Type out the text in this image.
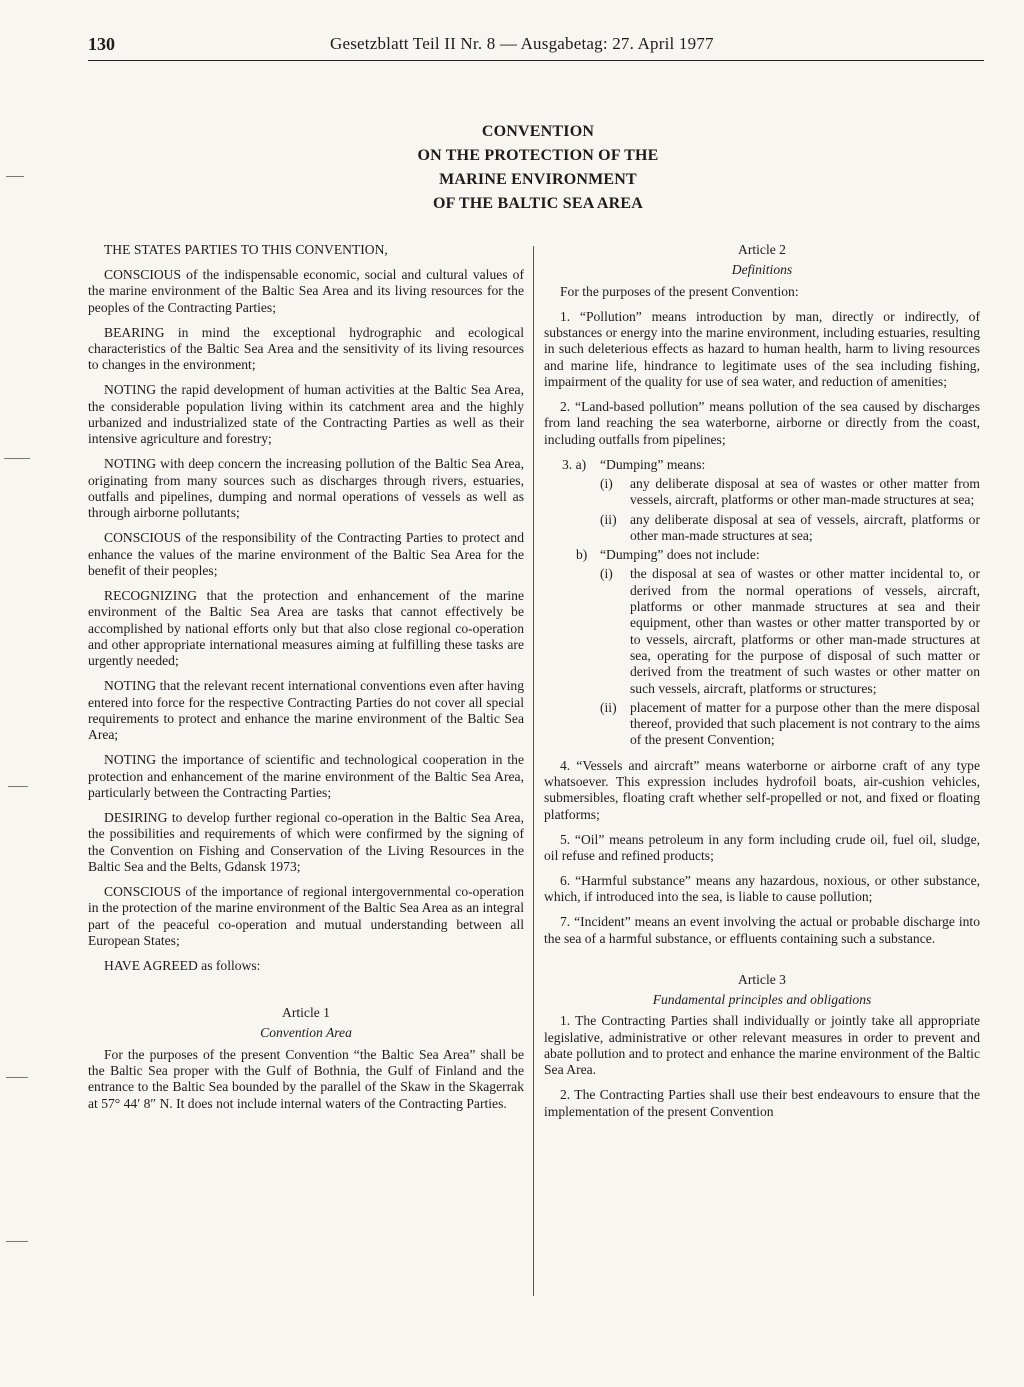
130	Gesetzblatt Teil II Nr. 8 — Ausgabetag: 27. April 1977
CONVENTION
ON THE PROTECTION OF THE
MARINE ENVIRONMENT
OF THE BALTIC SEA AREA

THE STATES PARTIES TO THIS CONVENTION,

CONSCIOUS of the indispensable economic, social and cultural values of the marine environment of the Baltic Sea Area and its living resources for the peoples of the Contracting Parties;

BEARING in mind the exceptional hydrographic and ecological characteristics of the Baltic Sea Area and the sensitivity of its living resources to changes in the environment;

NOTING the rapid development of human activities at the Baltic Sea Area, the considerable population living within its catchment area and the highly urbanized and industrialized state of the Contracting Parties as well as their intensive agriculture and forestry;

NOTING with deep concern the increasing pollution of the Baltic Sea Area, originating from many sources such as discharges through rivers, estuaries, outfalls and pipelines, dumping and normal operations of vessels as well as through airborne pollutants;

CONSCIOUS of the responsibility of the Contracting Parties to protect and enhance the values of the marine environment of the Baltic Sea Area for the benefit of their peoples;

RECOGNIZING that the protection and enhancement of the marine environment of the Baltic Sea Area are tasks that cannot effectively be accomplished by national efforts only but that also close regional co-operation and other appropriate international measures aiming at fulfilling these tasks are urgently needed;

NOTING that the relevant recent international conventions even after having entered into force for the respective Contracting Parties do not cover all special requirements to protect and enhance the marine environment of the Baltic Sea Area;

NOTING the importance of scientific and technological cooperation in the protection and enhancement of the marine environment of the Baltic Sea Area, particularly between the Contracting Parties;

DESIRING to develop further regional co-operation in the Baltic Sea Area, the possibilities and requirements of which were confirmed by the signing of the Convention on Fishing and Conservation of the Living Resources in the Baltic Sea and the Belts, Gdansk 1973;

CONSCIOUS of the importance of regional intergovernmental co-operation in the protection of the marine environment of the Baltic Sea Area as an integral part of the peaceful co-operation and mutual understanding between all European States;

HAVE AGREED as follows:

Article 1
Convention Area

For the purposes of the present Convention “the Baltic Sea Area” shall be the Baltic Sea proper with the Gulf of Bothnia, the Gulf of Finland and the entrance to the Baltic Sea bounded by the parallel of the Skaw in the Skagerrak at 57° 44′ 8″ N. It does not include internal waters of the Contracting Parties.

Article 2
Definitions

For the purposes of the present Convention:

1. “Pollution” means introduction by man, directly or indirectly, of substances or energy into the marine environment, including estuaries, resulting in such deleterious effects as hazard to human health, harm to living resources and marine life, hindrance to legitimate uses of the sea including fishing, impairment of the quality for use of sea water, and reduction of amenities;

2. “Land-based pollution” means pollution of the sea caused by discharges from land reaching the sea waterborne, airborne or directly from the coast, including outfalls from pipelines;

3. a)	“Dumping” means:
(i)	any deliberate disposal at sea of wastes or other matter from vessels, aircraft, platforms or other man-made structures at sea;
(ii) any deliberate disposal at sea of vessels, aircraft, platforms or other man-made structures at sea;
b) “Dumping” does not include:
(i)	the disposal at sea of wastes or other matter incidental to, or derived from the normal operations of vessels, aircraft, platforms or other manmade structures at sea and their equipment, other than wastes or other matter transported by or to vessels, aircraft, platforms or other man-made structures at sea, operating for the purpose of disposal of such matter or derived from the treatment of such wastes or other matter on such vessels, aircraft, platforms or structures;
(ii) placement of matter for a purpose other than the mere disposal thereof, provided that such placement is not contrary to the aims of the present Convention;

4. “Vessels and aircraft” means waterborne or airborne craft of any type whatsoever. This expression includes hydrofoil boats, air-cushion vehicles, submersibles, floating craft whether self-propelled or not, and fixed or floating platforms;

5. “Oil” means petroleum in any form including crude oil, fuel oil, sludge, oil refuse and refined products;

6. “Harmful substance” means any hazardous, noxious, or other substance, which, if introduced into the sea, is liable to cause pollution;

7. “Incident” means an event involving the actual or probable discharge into the sea of a harmful substance, or effluents containing such a substance.

Article 3
Fundamental principles and obligations

1. The Contracting Parties shall individually or jointly take all appropriate legislative, administrative or other relevant measures in order to prevent and abate pollution and to protect and enhance the marine environment of the Baltic Sea Area.

2. The Contracting Parties shall use their best endeavours to ensure that the implementation of the present Convention
